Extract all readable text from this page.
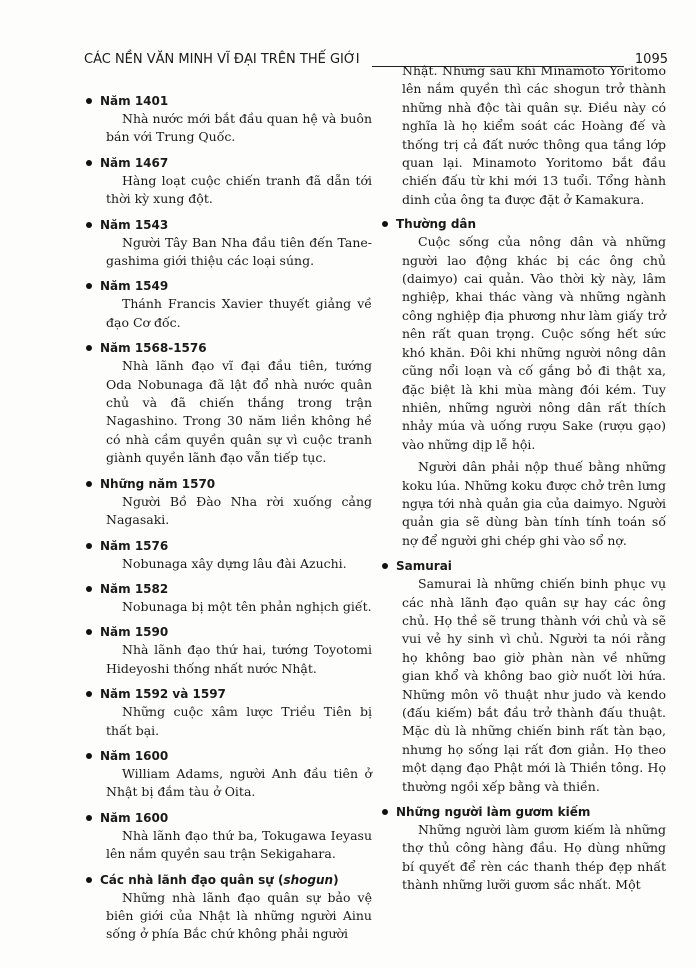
CÁC NỀN VĂN MINH VĨ ĐẠI TRÊN THẾ GIỚI	1095
Năm 1401
Nhà nước mới bắt đầu quan hệ và buôn bán với Trung Quốc.
Năm 1467
Hàng loạt cuộc chiến tranh đã dẫn tới thời kỳ xung đột.
Năm 1543
Người Tây Ban Nha đầu tiên đến Tane-gashima giới thiệu các loại súng.
Năm 1549
Thánh Francis Xavier thuyết giảng về đạo Cơ đốc.
Năm 1568-1576
Nhà lãnh đạo vĩ đại đầu tiên, tướng Oda Nobunaga đã lật đổ nhà nước quân chủ và đã chiến thắng trong trận Nagashino. Trong 30 năm liền không hề có nhà cầm quyền quân sự vì cuộc tranh giành quyền lãnh đạo vẫn tiếp tục.
Những năm 1570
Người Bồ Đào Nha rời xuống cảng Nagasaki.
Năm 1576
Nobunaga xây dựng lâu đài Azuchi.
Năm 1582
Nobunaga bị một tên phản nghịch giết.
Năm 1590
Nhà lãnh đạo thứ hai, tướng Toyotomi Hideyoshi thống nhất nước Nhật.
Năm 1592 và 1597
Những cuộc xâm lược Triều Tiên bị thất bại.
Năm 1600
William Adams, người Anh đầu tiên ở Nhật bị đắm tàu ở Oita.
Năm 1600
Nhà lãnh đạo thứ ba, Tokugawa Ieyasu lên nắm quyền sau trận Sekigahara.
Các nhà lãnh đạo quân sự (shogun)
Những nhà lãnh đạo quân sự bảo vệ biên giới của Nhật là những người Ainu sống ở phía Bắc chứ không phải người
Nhật. Nhưng sau khi Minamoto Yoritomo lên nắm quyền thì các shogun trở thành những nhà độc tài quân sự. Điều này có nghĩa là họ kiểm soát các Hoàng đế và thống trị cả đất nước thông qua tầng lớp quan lại. Minamoto Yoritomo bắt đầu chiến đấu từ khi mới 13 tuổi. Tổng hành dinh của ông ta được đặt ở Kamakura.
Thường dân
Cuộc sống của nông dân và những người lao động khác bị các ông chủ (daimyo) cai quản. Vào thời kỳ này, lâm nghiệp, khai thác vàng và những ngành công nghiệp địa phương như làm giấy trở nên rất quan trọng. Cuộc sống hết sức khó khăn. Đôi khi những người nông dân cũng nổi loạn và cố gắng bỏ đi thật xa, đặc biệt là khi mùa màng đói kém. Tuy nhiên, những người nông dân rất thích nhảy múa và uống rượu Sake (rượu gạo) vào những dịp lễ hội.
Người dân phải nộp thuế bằng những koku lúa. Những koku được chở trên lưng ngựa tới nhà quản gia của daimyo. Người quản gia sẽ dùng bàn tính tính toán số nợ để người ghi chép ghi vào sổ nợ.
Samurai
Samurai là những chiến binh phục vụ các nhà lãnh đạo quân sự hay các ông chủ. Họ thề sẽ trung thành với chủ và sẽ vui vẻ hy sinh vì chủ. Người ta nói rằng họ không bao giờ phàn nàn về những gian khổ và không bao giờ nuốt lời hứa. Những môn võ thuật như judo và kendo (đấu kiếm) bắt đầu trở thành đấu thuật. Mặc dù là những chiến binh rất tàn bạo, nhưng họ sống lại rất đơn giản. Họ theo một dạng đạo Phật mới là Thiền tông. Họ thường ngồi xếp bằng và thiền.
Những người làm gươm kiếm
Những người làm gươm kiếm là những thợ thủ công hàng đầu. Họ dùng những bí quyết để rèn các thanh thép đẹp nhất thành những lưỡi gươm sắc nhất. Một
